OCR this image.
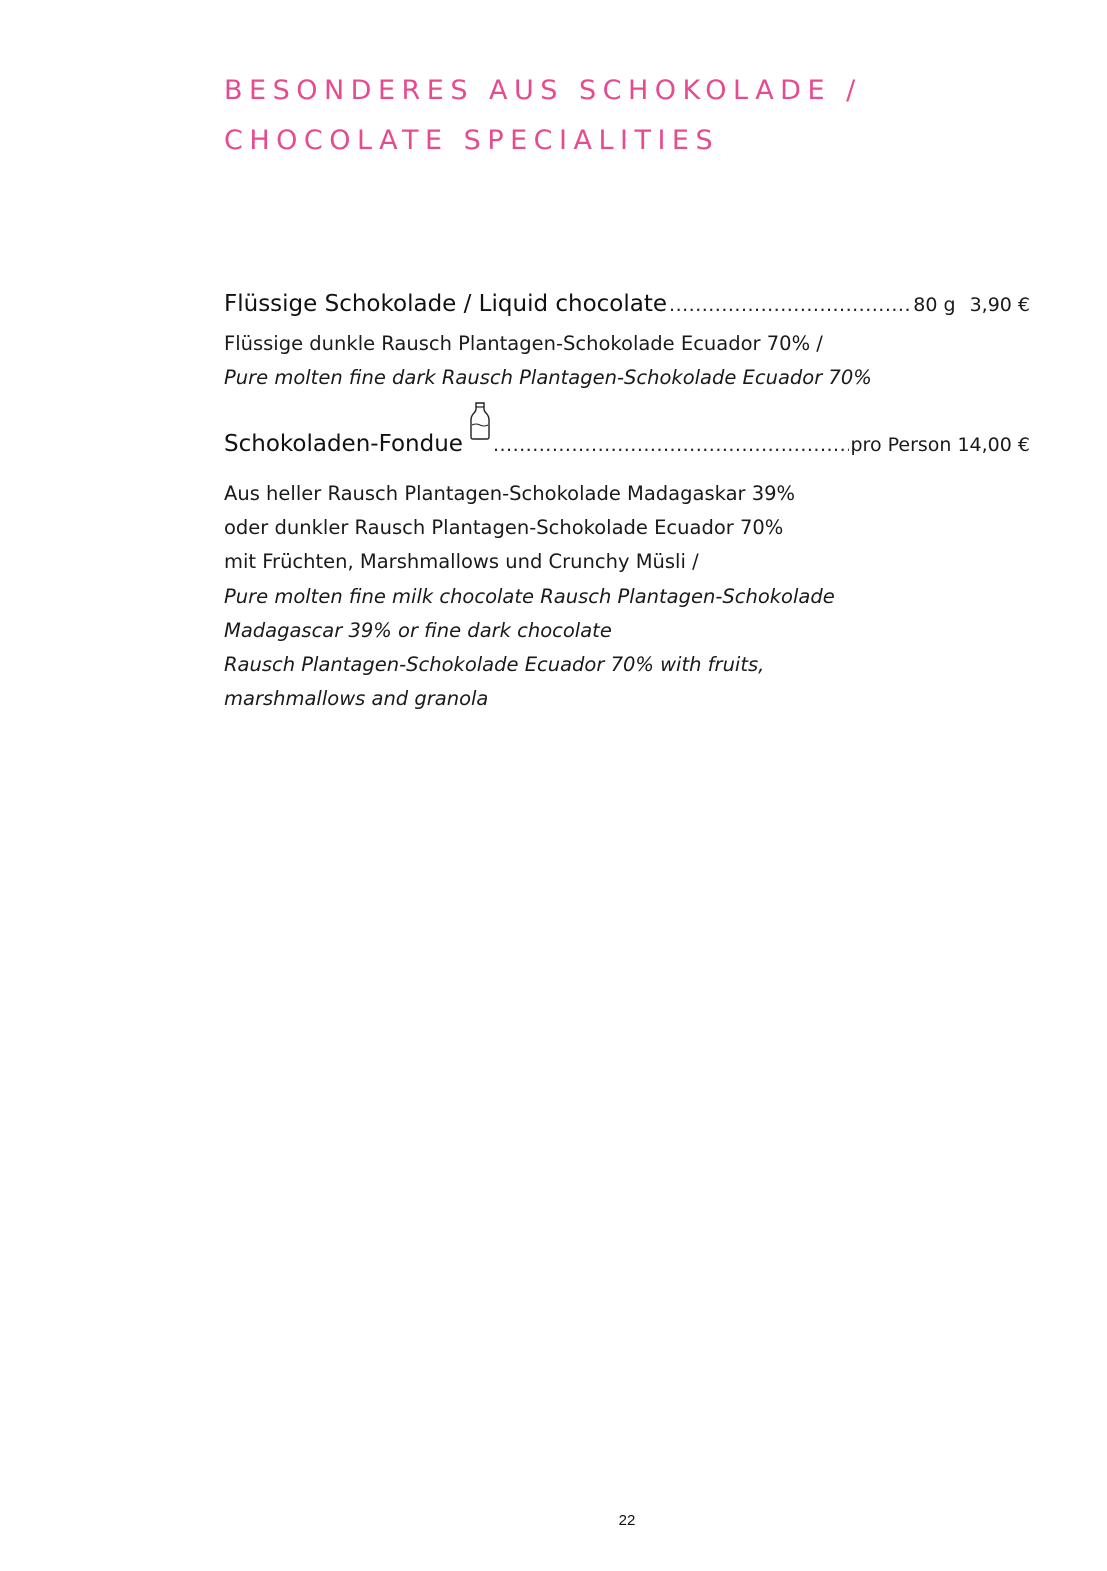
BESONDERES AUS SCHOKOLADE /
CHOCOLATE SPECIALITIES
Flüssige Schokolade / Liquid chocolate .....	80 g 3,90 €
Flüssige dunkle Rausch Plantagen-Schokolade Ecuador 70% /
Pure molten fine dark Rausch Plantagen-Schokolade Ecuador 70%
Schokoladen-Fondue .....	pro Person 14,00 €
Aus heller Rausch Plantagen-Schokolade Madagaskar 39%
oder dunkler Rausch Plantagen-Schokolade Ecuador 70%
mit Früchten, Marshmallows und Crunchy Müsli /
Pure molten fine milk chocolate Rausch Plantagen-Schokolade
Madagascar 39% or fine dark chocolate
Rausch Plantagen-Schokolade Ecuador 70% with fruits,
marshmallows and granola
22
